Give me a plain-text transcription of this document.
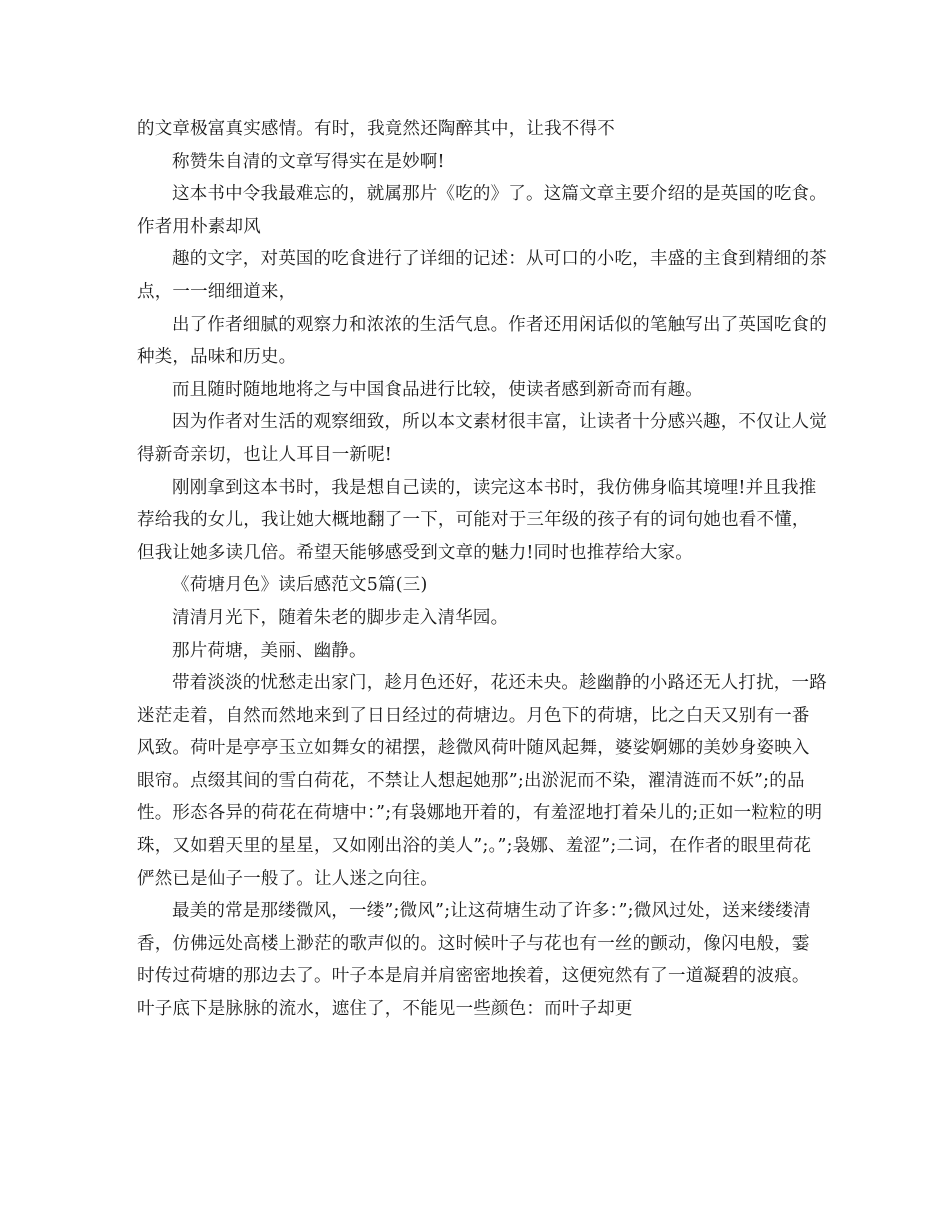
的文章极富真实感情。有时，我竟然还陶醉其中，让我不得不

称赞朱自清的文章写得实在是妙啊!

这本书中令我最难忘的，就属那片《吃的》了。这篇文章主要介绍的是英国的吃食。作者用朴素却风

趣的文字，对英国的吃食进行了详细的记述：从可口的小吃，丰盛的主食到精细的茶点，一一细细道来，

出了作者细腻的观察力和浓浓的生活气息。作者还用闲话似的笔触写出了英国吃食的种类，品味和历史。

而且随时随地地将之与中国食品进行比较，使读者感到新奇而有趣。

因为作者对生活的观察细致，所以本文素材很丰富，让读者十分感兴趣，不仅让人觉得新奇亲切，也让人耳目一新呢!

刚刚拿到这本书时，我是想自己读的，读完这本书时，我仿佛身临其境哩!并且我推荐给我的女儿，我让她大概地翻了一下，可能对于三年级的孩子有的词句她也看不懂，但我让她多读几倍。希望天能够感受到文章的魅力!同时也推荐给大家。

《荷塘月色》读后感范文5篇(三)

清清月光下，随着朱老的脚步走入清华园。

那片荷塘，美丽、幽静。

带着淡淡的忧愁走出家门，趁月色还好，花还未央。趁幽静的小路还无人打扰，一路迷茫走着，自然而然地来到了日日经过的荷塘边。月色下的荷塘，比之白天又别有一番风致。荷叶是亭亭玉立如舞女的裙摆，趁微风荷叶随风起舞，婆娑婀娜的美妙身姿映入眼帘。点缀其间的雪白荷花，不禁让人想起她那”;出淤泥而不染，濯清涟而不妖”;的品性。形态各异的荷花在荷塘中：”;有袅娜地开着的，有羞涩地打着朵儿的;正如一粒粒的明珠，又如碧天里的星星，又如刚出浴的美人”;。”;袅娜、羞涩”;二词，在作者的眼里荷花俨然已是仙子一般了。让人迷之向往。

最美的常是那缕微风，一缕”;微风”;让这荷塘生动了许多：”;微风过处，送来缕缕清香，仿佛远处高楼上渺茫的歌声似的。这时候叶子与花也有一丝的颤动，像闪电般，霎时传过荷塘的那边去了。叶子本是肩并肩密密地挨着，这便宛然有了一道凝碧的波痕。叶子底下是脉脉的流水，遮住了，不能见一些颜色：而叶子却更
